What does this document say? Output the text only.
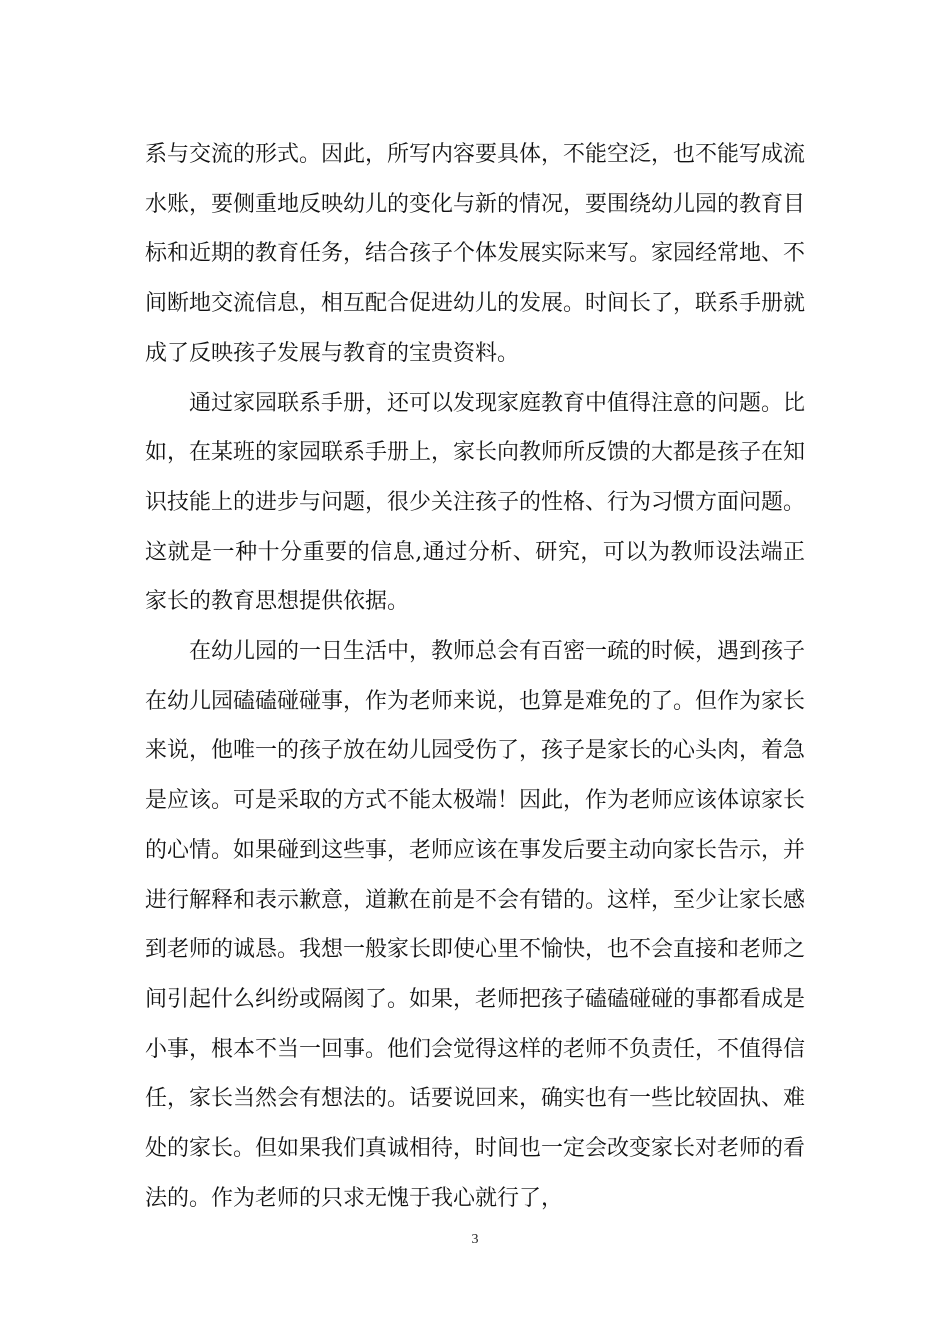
系与交流的形式。因此，所写内容要具体，不能空泛，也不能写成流水账，要侧重地反映幼儿的变化与新的情况，要围绕幼儿园的教育目标和近期的教育任务，结合孩子个体发展实际来写。家园经常地、不间断地交流信息，相互配合促进幼儿的发展。时间长了，联系手册就成了反映孩子发展与教育的宝贵资料。

通过家园联系手册，还可以发现家庭教育中值得注意的问题。比如，在某班的家园联系手册上，家长向教师所反馈的大都是孩子在知识技能上的进步与问题，很少关注孩子的性格、行为习惯方面问题。这就是一种十分重要的信息,通过分析、研究，可以为教师设法端正家长的教育思想提供依据。

在幼儿园的一日生活中，教师总会有百密一疏的时候，遇到孩子在幼儿园磕磕碰碰事，作为老师来说，也算是难免的了。但作为家长来说，他唯一的孩子放在幼儿园受伤了，孩子是家长的心头肉，着急是应该。可是采取的方式不能太极端！因此，作为老师应该体谅家长的心情。如果碰到这些事，老师应该在事发后要主动向家长告示，并进行解释和表示歉意，道歉在前是不会有错的。这样，至少让家长感到老师的诚恳。我想一般家长即使心里不愉快，也不会直接和老师之间引起什么纠纷或隔阂了。如果，老师把孩子磕磕碰碰的事都看成是小事，根本不当一回事。他们会觉得这样的老师不负责任，不值得信任，家长当然会有想法的。话要说回来，确实也有一些比较固执、难处的家长。但如果我们真诚相待，时间也一定会改变家长对老师的看法的。作为老师的只求无愧于我心就行了，

3
